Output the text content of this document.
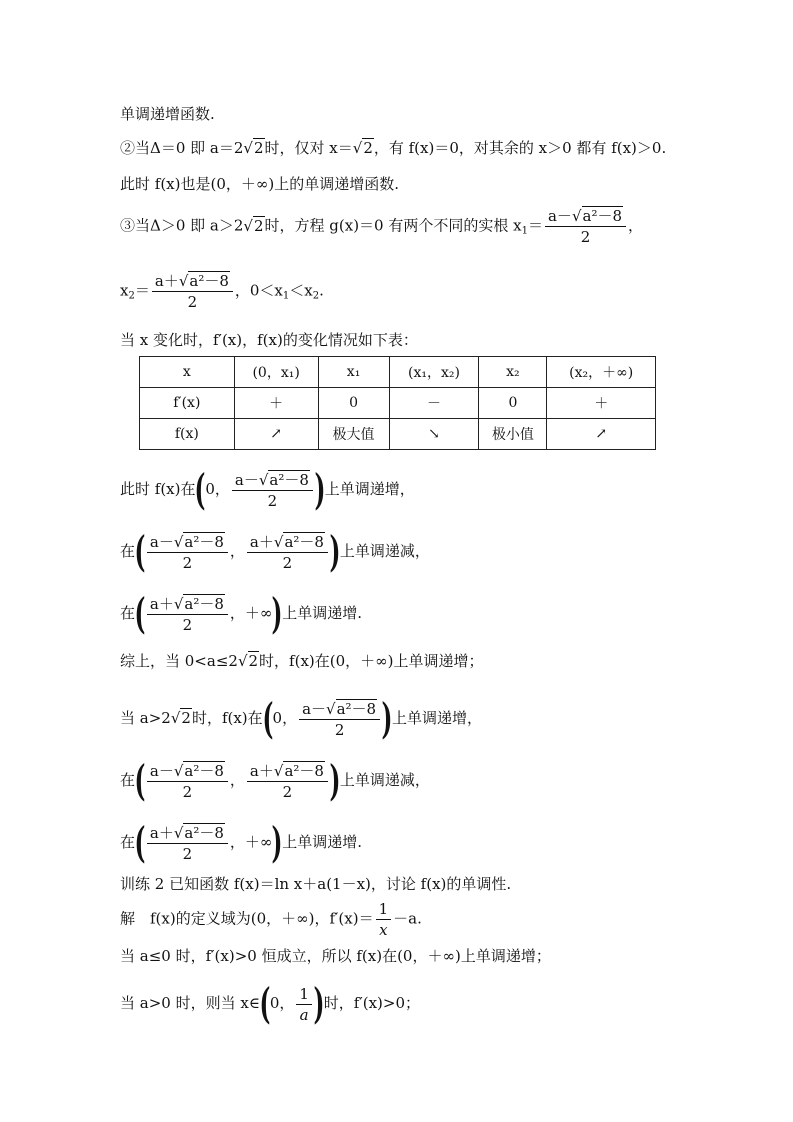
单调递增函数.
②当Δ＝0 即 a＝2√2时，仅对 x＝√2，有 f(x)＝0，对其余的 x＞0 都有 f(x)＞0.
此时 f(x)也是(0，＋∞)上的单调递增函数.
③当Δ＞0 即 a＞2√2时，方程 g(x)＝0 有两个不同的实根 $x_1= \frac{\text{a－√a²－8}}{2}$ ，
$x_2= \frac{\text{a＋√a²－8}}{2}$ ，$0<x_1<x_2$.
当 x 变化时，f′(x)，f(x)的变化情况如下表：
x	(0，x₁)	x₁	(x₁，x₂)	x₂	(x₂，＋∞)
f′(x)	＋	0	－	0	＋
f(x)	↗	极大值	↘	极小值	↗
此时 f(x)在(0， $\frac{\text{a－√a²－8}}{2}$ )上单调递增，
在( $\frac{\text{a－√a²－8}}{2}$ ， $\frac{\text{a＋√a²－8}}{2}$ )上单调递减，
在( $\frac{\text{a＋√a²－8}}{2}$ ，＋∞)上单调递增.
综上，当 0<a≤2√2时，f(x)在(0，＋∞)上单调递增；
当 a>2√2时，f(x)在(0， $\frac{\text{a－√a²－8}}{2}$ )上单调递增，
在( $\frac{\text{a－√a²－8}}{2}$ ， $\frac{\text{a＋√a²－8}}{2}$ )上单调递减，
在( $\frac{\text{a＋√a²－8}}{2}$ ，＋∞)上单调递增.
训练 2 已知函数 f(x)＝ln x＋a(1－x)，讨论 f(x)的单调性.
解　f(x)的定义域为(0，＋∞)，$f'(x)= \frac{1}{x} -a$.
当 a≤0 时，f′(x)>0 恒成立，所以 f(x)在(0，＋∞)上单调递增；
当 a>0 时，则当 x∈(0， $\frac{1}{a}$ )时，f′(x)>0；
